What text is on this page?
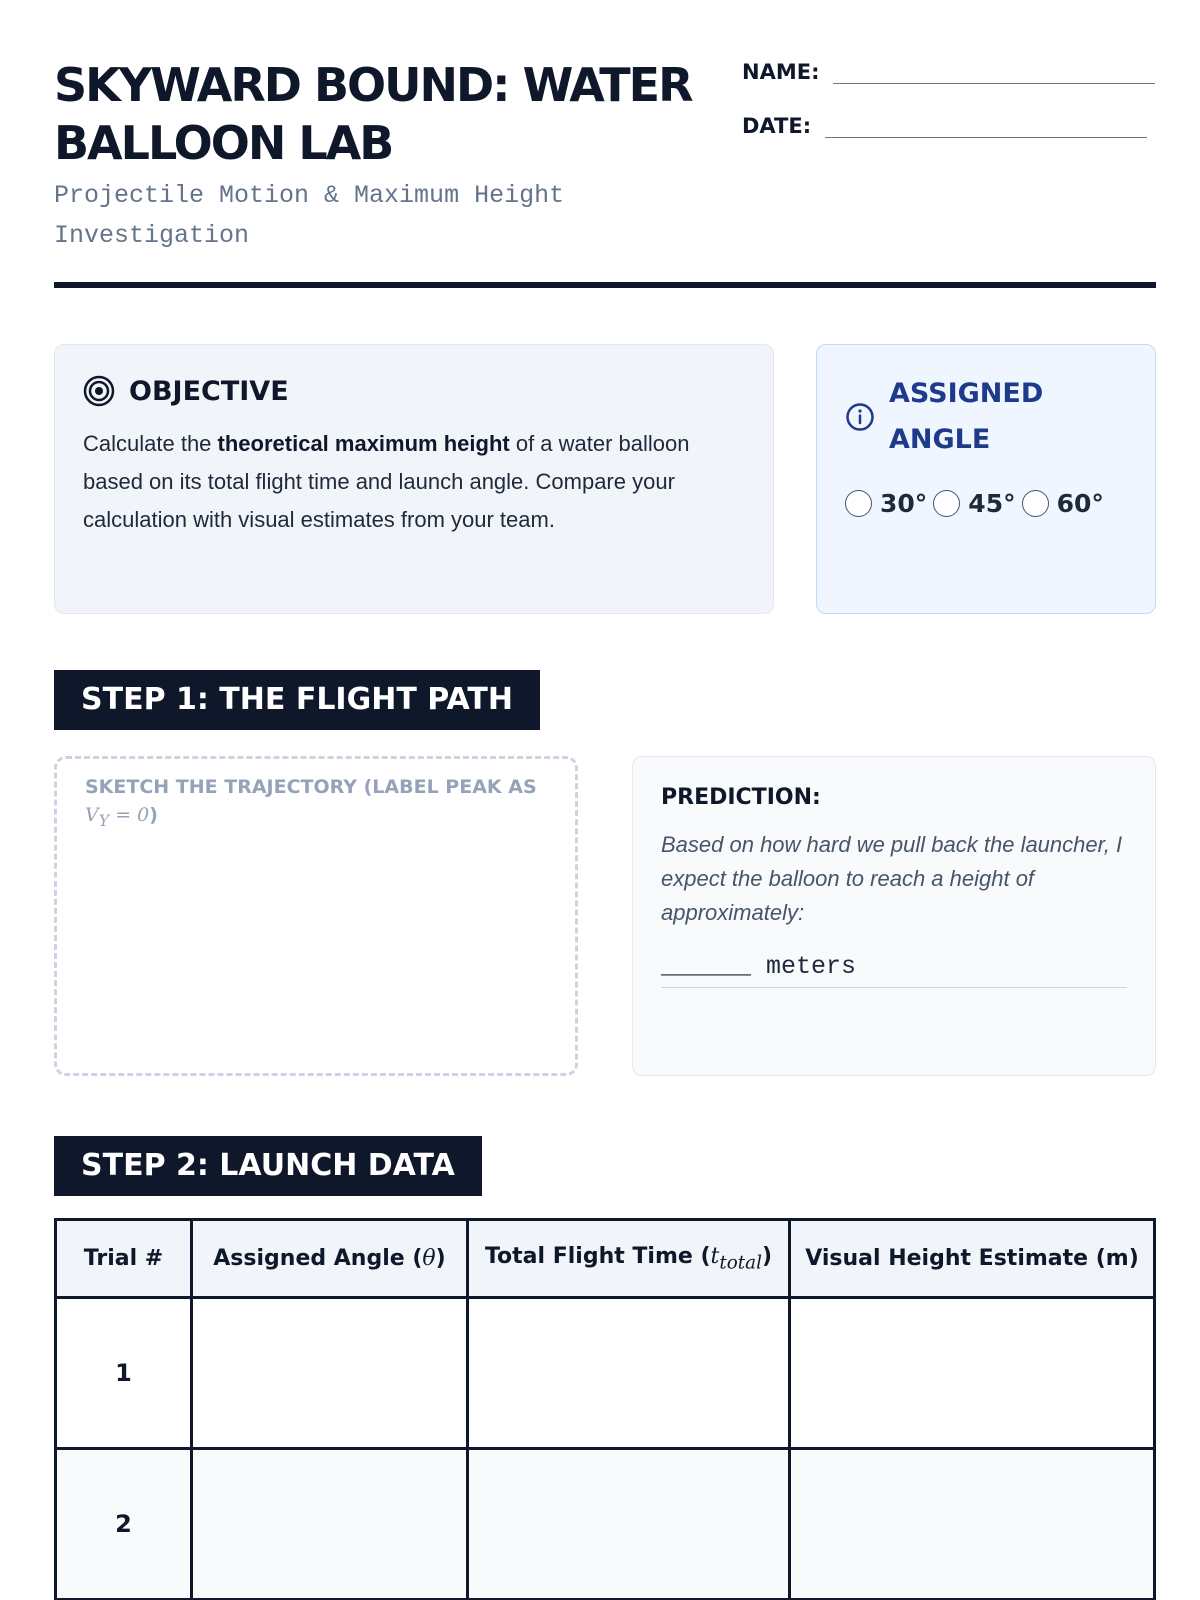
SKYWARD BOUND: WATER BALLOON LAB
Projectile Motion & Maximum Height Investigation
NAME:
DATE:
OBJECTIVE
Calculate the theoretical maximum height of a water balloon based on its total flight time and launch angle. Compare your calculation with visual estimates from your team.
ASSIGNED ANGLE
30° 45° 60°
STEP 1: THE FLIGHT PATH
SKETCH THE TRAJECTORY (LABEL PEAK AS $V_Y = 0$)
PREDICTION:
Based on how hard we pull back the launcher, I expect the balloon to reach a height of approximately:
______ meters
STEP 2: LAUNCH DATA
Trial #	Assigned Angle (θ)	Total Flight Time $(t_{total})$	Visual Height Estimate (m)
1			
2			
